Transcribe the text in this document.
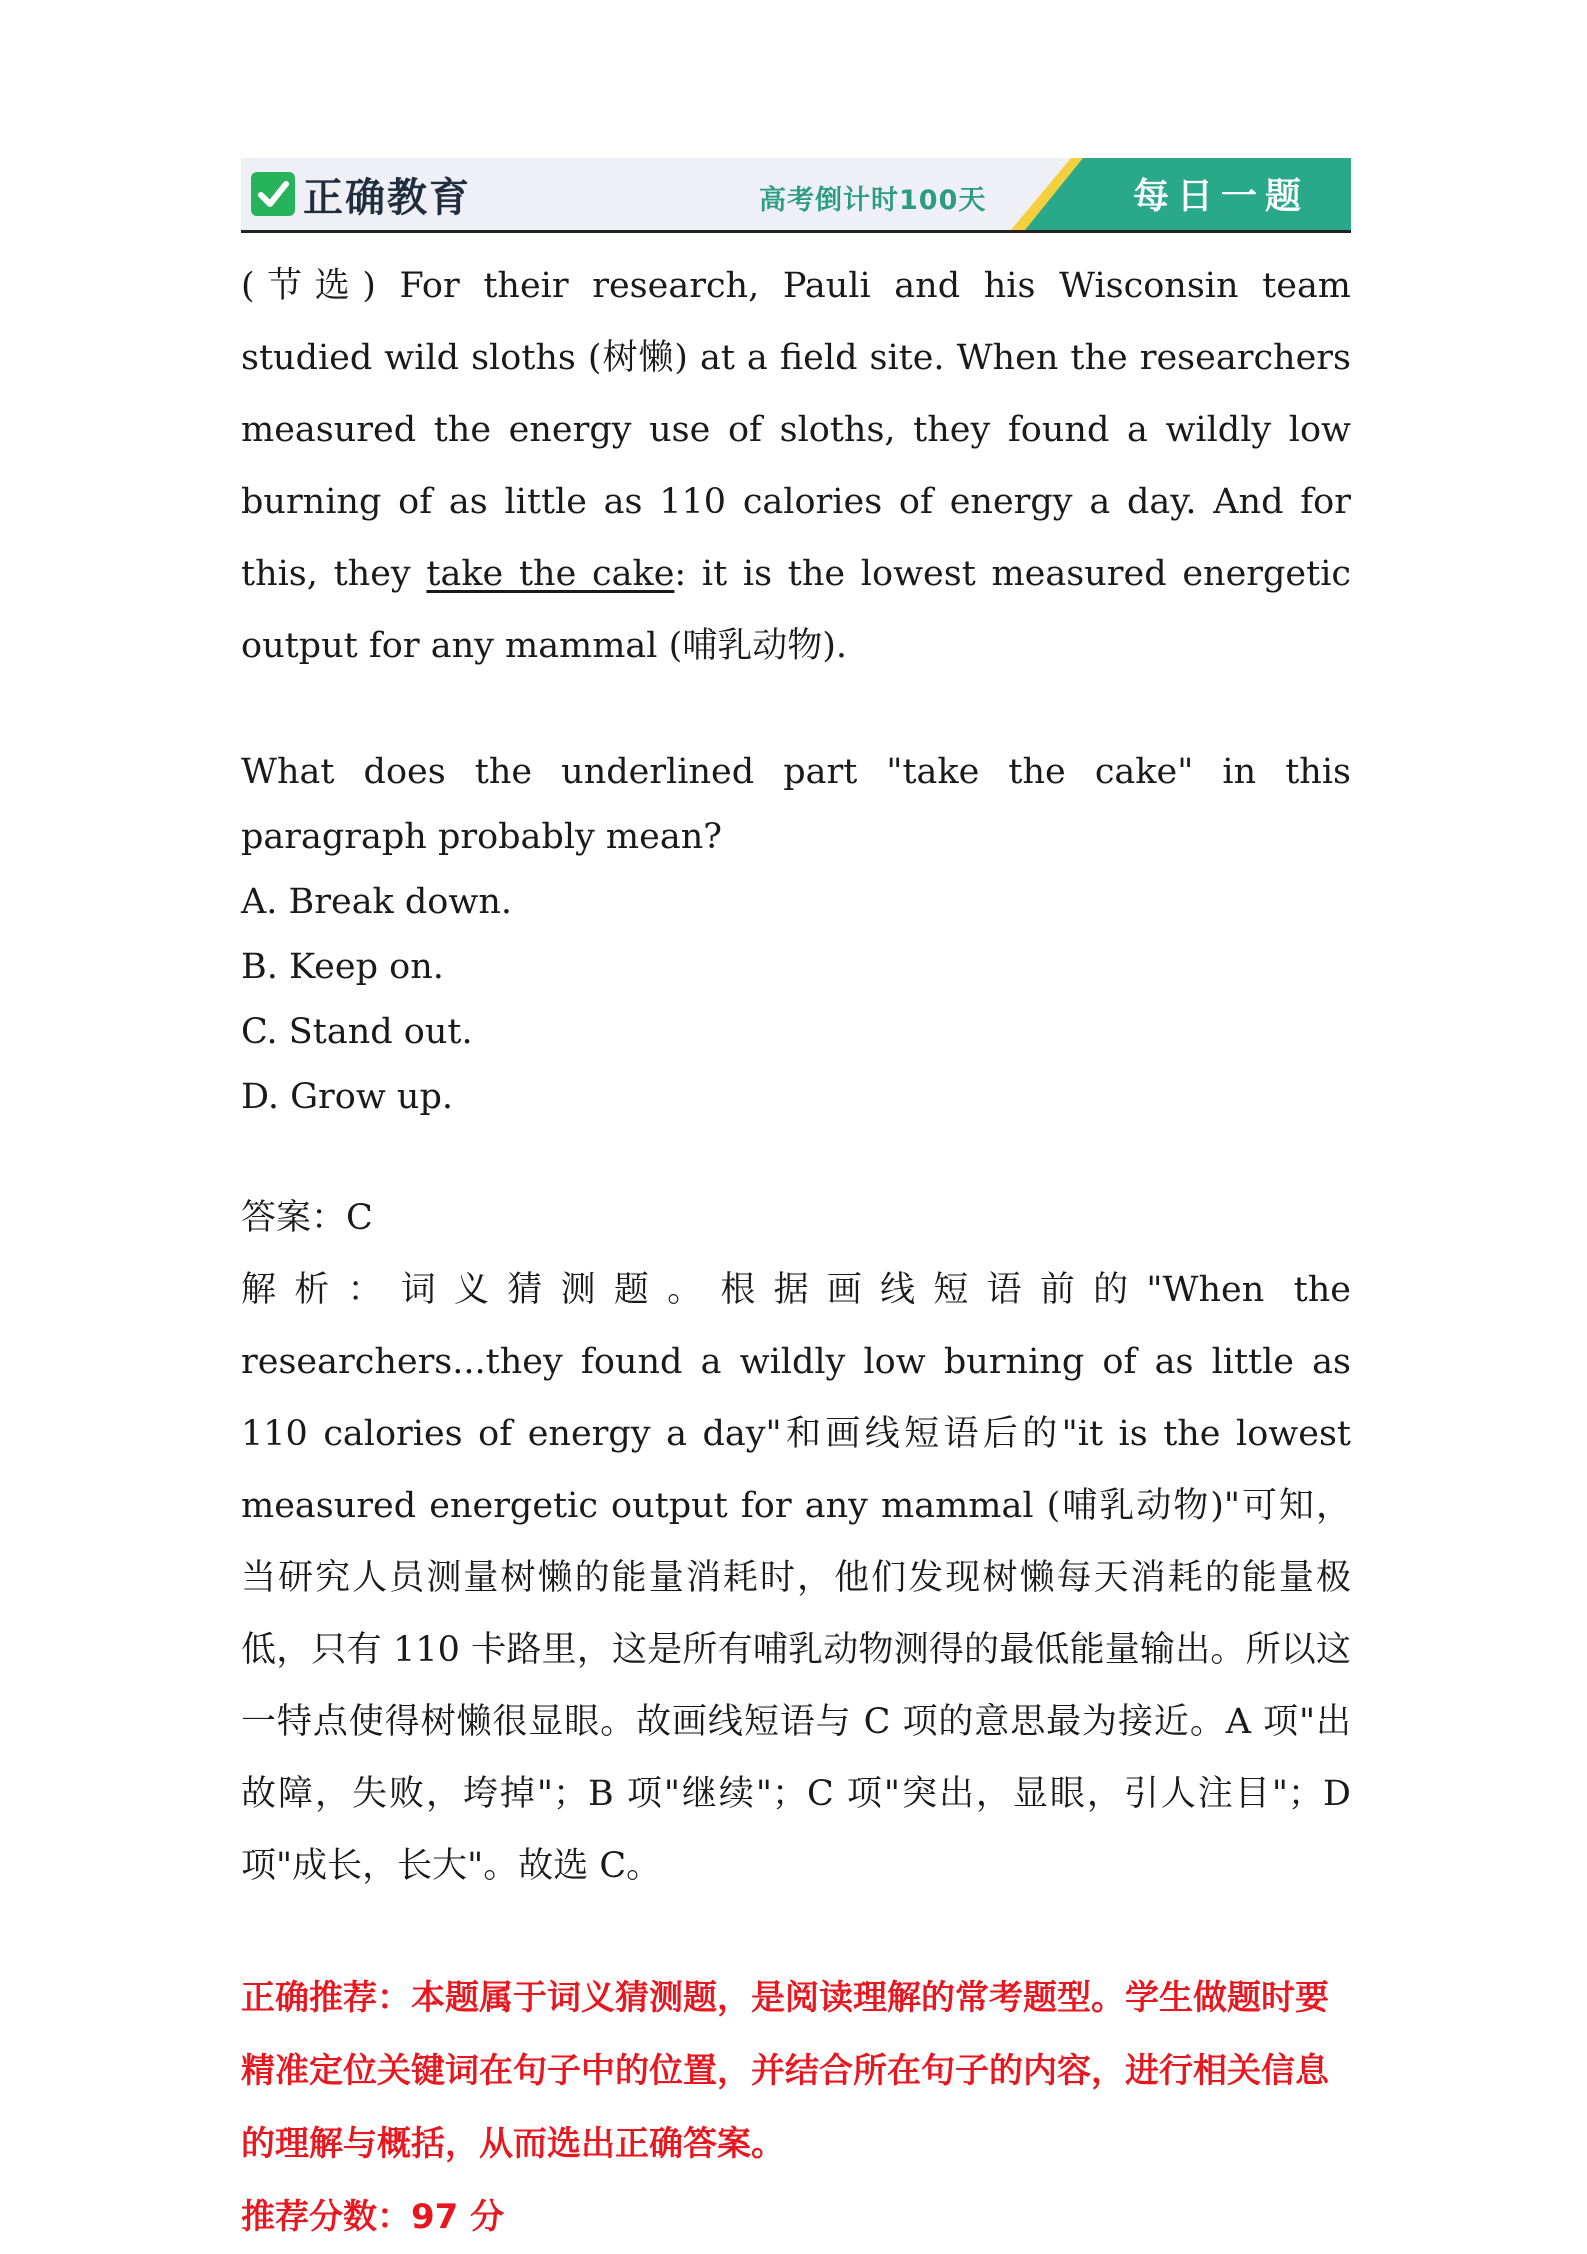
正确教育	高考倒计时100天	每日一题

(节选) For their research, Pauli and his Wisconsin team studied wild sloths (树懒) at a field site. When the researchers measured the energy use of sloths, they found a wildly low burning of as little as 110 calories of energy a day. And for this, they take the cake: it is the lowest measured energetic output for any mammal (哺乳动物).

What does the underlined part "take the cake" in this paragraph probably mean?

A. Break down.
B. Keep on.
C. Stand out.
D. Grow up.

答案：C

解析：词义猜测题。根据画线短语前的"When the researchers...they found a wildly low burning of as little as 110 calories of energy a day"和画线短语后的"it is the lowest measured energetic output for any mammal (哺乳动物)"可知，当研究人员测量树懒的能量消耗时，他们发现树懒每天消耗的能量极低，只有 110 卡路里，这是所有哺乳动物测得的最低能量输出。所以这一特点使得树懒很显眼。故画线短语与 C 项的意思最为接近。A 项"出故障，失败，垮掉"；B 项"继续"；C 项"突出，显眼，引人注目"；D 项"成长，长大"。故选 C。

正确推荐：本题属于词义猜测题，是阅读理解的常考题型。学生做题时要精准定位关键词在句子中的位置，并结合所在句子的内容，进行相关信息的理解与概括，从而选出正确答案。

推荐分数：97 分
